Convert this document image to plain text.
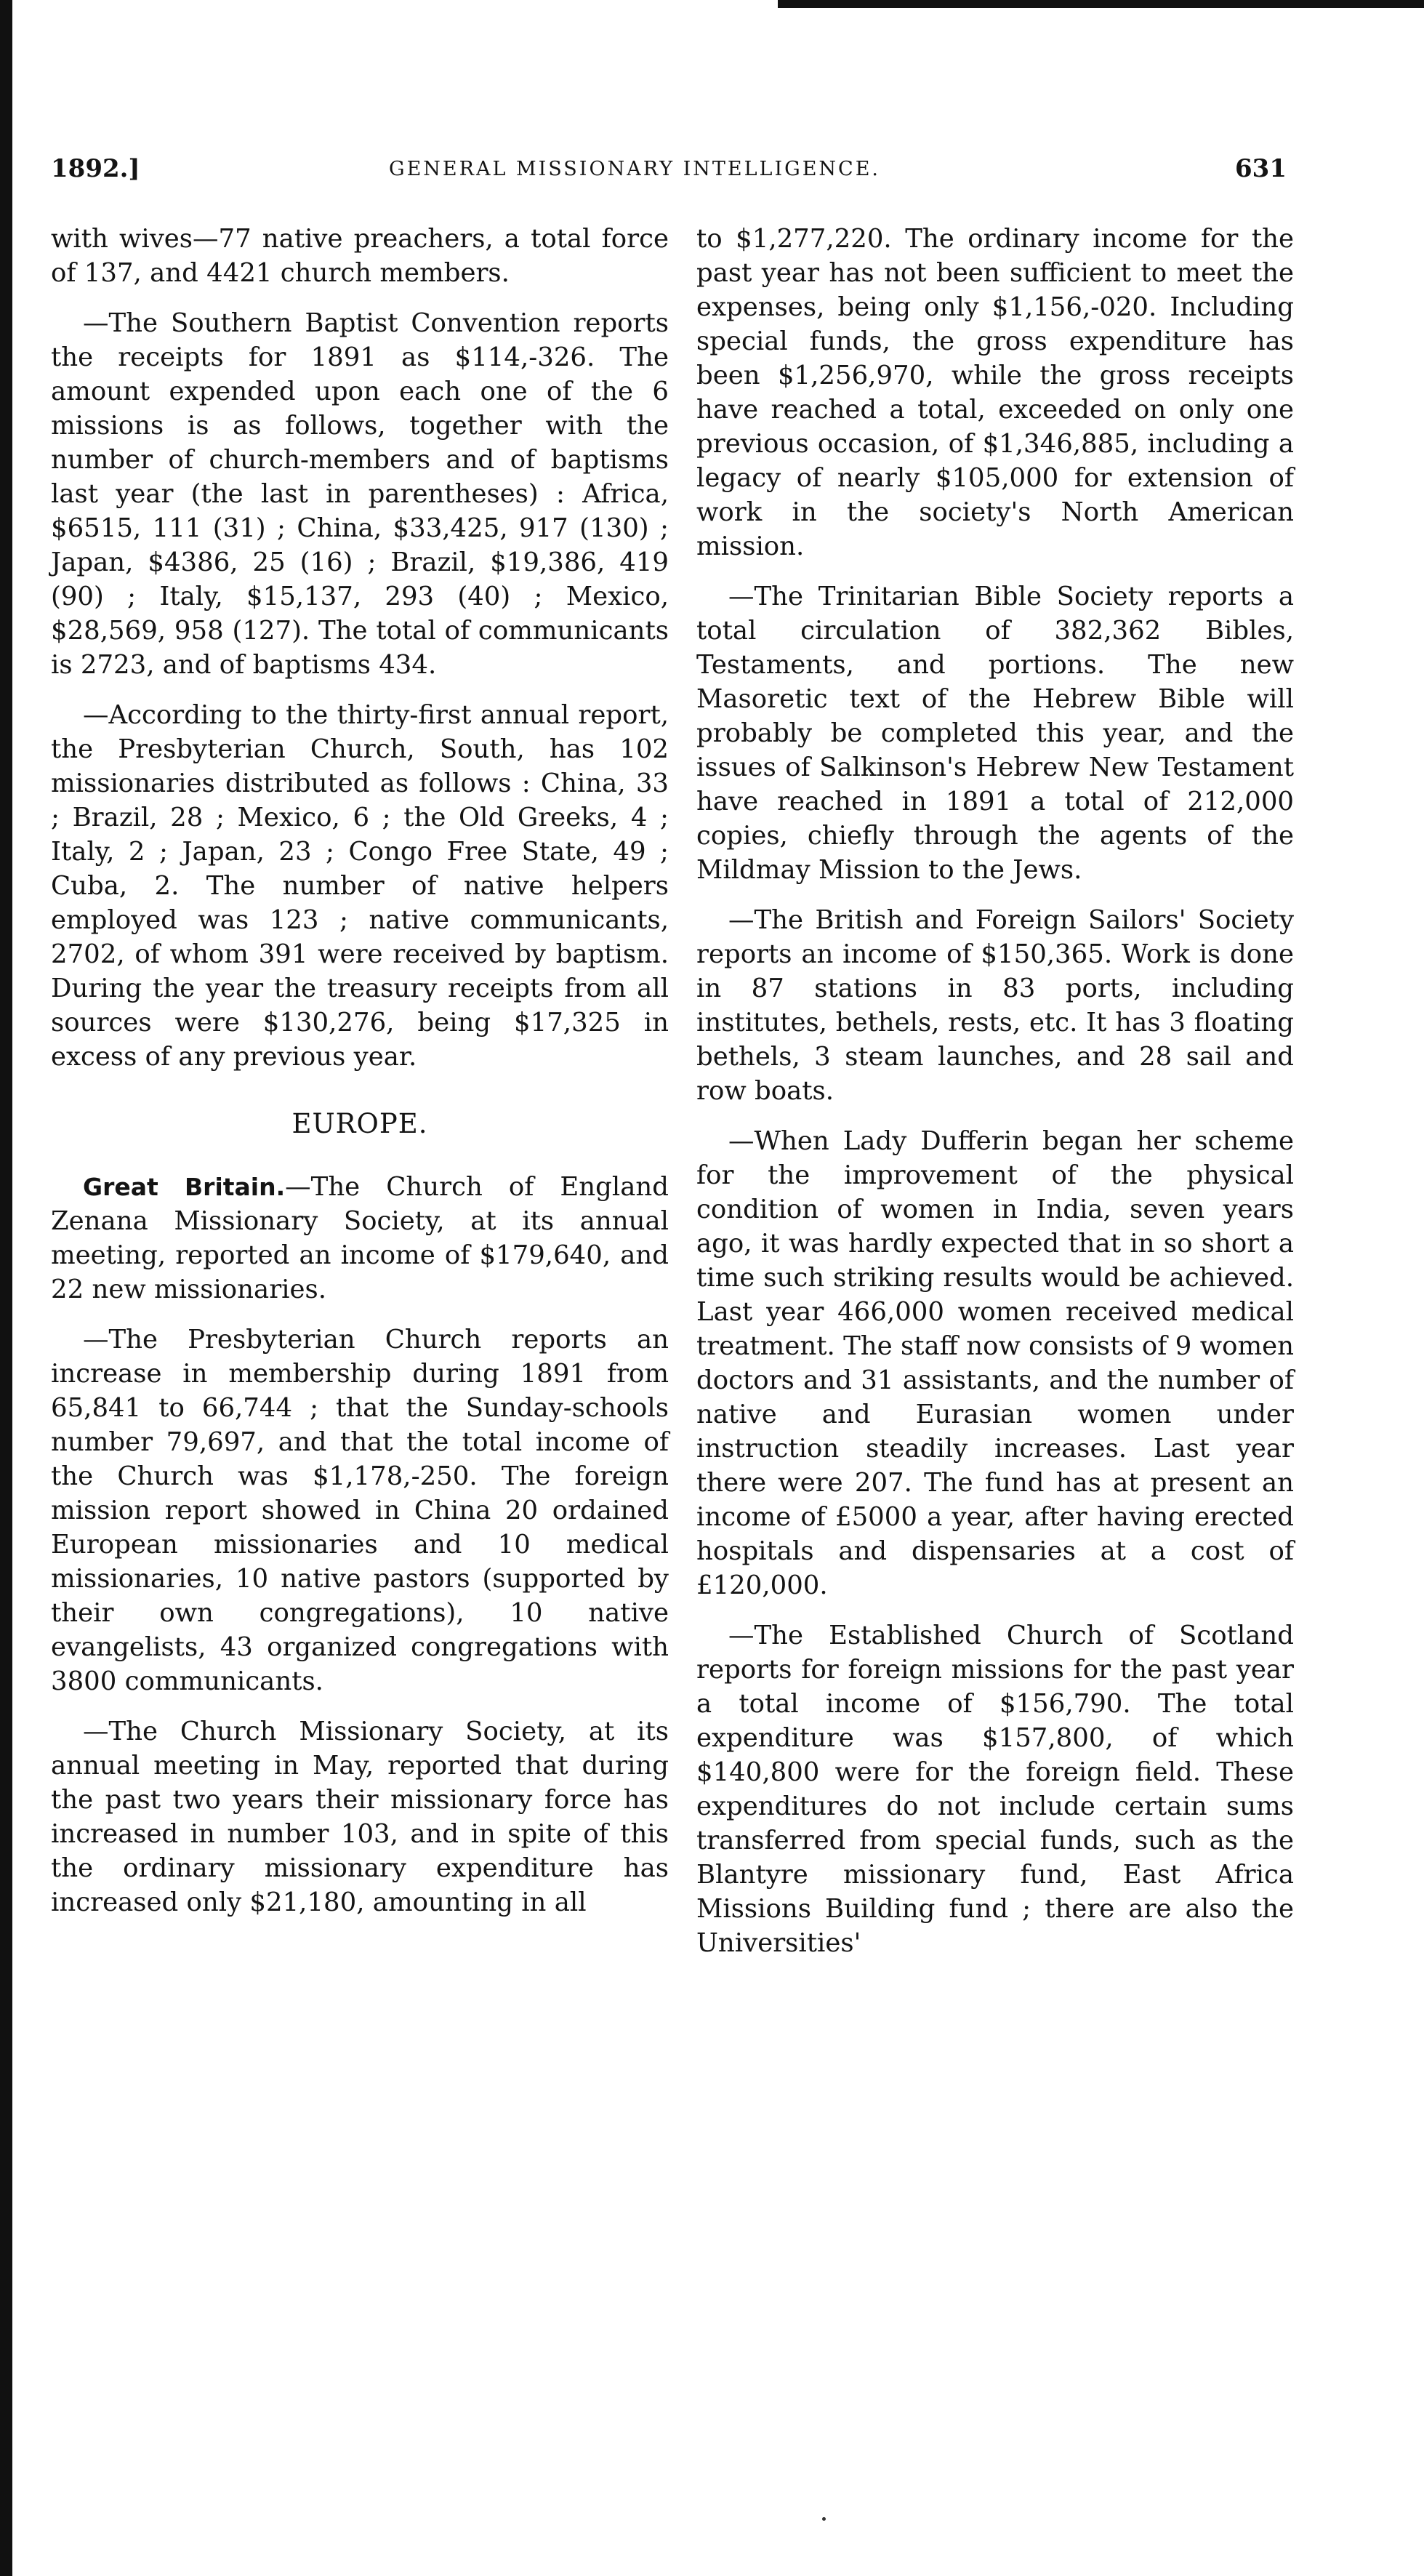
1892.]	GENERAL MISSIONARY INTELLIGENCE.	631

with wives—77 native preachers, a total force of 137, and 4421 church members.

—The Southern Baptist Convention reports the receipts for 1891 as $114,-326. The amount expended upon each one of the 6 missions is as follows, together with the number of church-members and of baptisms last year (the last in parentheses) : Africa, $6515, 111 (31) ; China, $33,425, 917 (130) ; Japan, $4386, 25 (16) ; Brazil, $19,386, 419 (90) ; Italy, $15,137, 293 (40) ; Mexico, $28,569, 958 (127). The total of communicants is 2723, and of baptisms 434.

—According to the thirty-first annual report, the Presbyterian Church, South, has 102 missionaries distributed as follows : China, 33 ; Brazil, 28 ; Mexico, 6 ; the Old Greeks, 4 ; Italy, 2 ; Japan, 23 ; Congo Free State, 49 ; Cuba, 2. The number of native helpers employed was 123 ; native communicants, 2702, of whom 391 were received by baptism. During the year the treasury receipts from all sources were $130,276, being $17,325 in excess of any previous year.

EUROPE.

Great Britain.—The Church of England Zenana Missionary Society, at its annual meeting, reported an income of $179,640, and 22 new missionaries.

—The Presbyterian Church reports an increase in membership during 1891 from 65,841 to 66,744 ; that the Sunday-schools number 79,697, and that the total income of the Church was $1,178,-250. The foreign mission report showed in China 20 ordained European missionaries and 10 medical missionaries, 10 native pastors (supported by their own congregations), 10 native evangelists, 43 organized congregations with 3800 communicants.

—The Church Missionary Society, at its annual meeting in May, reported that during the past two years their missionary force has increased in number 103, and in spite of this the ordinary missionary expenditure has increased only $21,180, amounting in all

to $1,277,220. The ordinary income for the past year has not been sufficient to meet the expenses, being only $1,156,-020. Including special funds, the gross expenditure has been $1,256,970, while the gross receipts have reached a total, exceeded on only one previous occasion, of $1,346,885, including a legacy of nearly $105,000 for extension of work in the society's North American mission.

—The Trinitarian Bible Society reports a total circulation of 382,362 Bibles, Testaments, and portions. The new Masoretic text of the Hebrew Bible will probably be completed this year, and the issues of Salkinson's Hebrew New Testament have reached in 1891 a total of 212,000 copies, chiefly through the agents of the Mildmay Mission to the Jews.

—The British and Foreign Sailors' Society reports an income of $150,365. Work is done in 87 stations in 83 ports, including institutes, bethels, rests, etc. It has 3 floating bethels, 3 steam launches, and 28 sail and row boats.

—When Lady Dufferin began her scheme for the improvement of the physical condition of women in India, seven years ago, it was hardly expected that in so short a time such striking results would be achieved. Last year 466,000 women received medical treatment. The staff now consists of 9 women doctors and 31 assistants, and the number of native and Eurasian women under instruction steadily increases. Last year there were 207. The fund has at present an income of £5000 a year, after having erected hospitals and dispensaries at a cost of £120,000.

—The Established Church of Scotland reports for foreign missions for the past year a total income of $156,790. The total expenditure was $157,800, of which $140,800 were for the foreign field. These expenditures do not include certain sums transferred from special funds, such as the Blantyre missionary fund, East Africa Missions Building fund ; there are also the Universities'
